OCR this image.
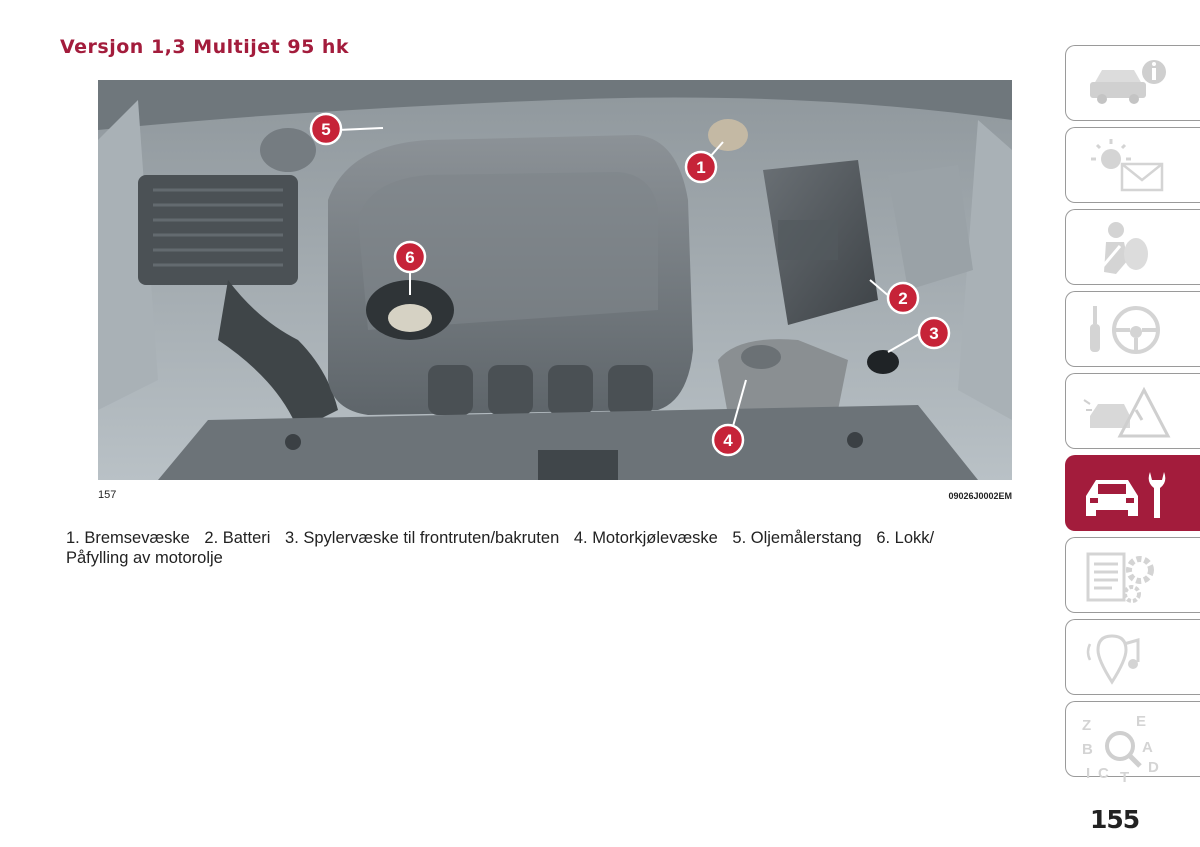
Versjon 1,3 Multijet 95 hk
5
1
6
2
3
4
157	09026J0002EM
1. Bremsevæske 2. Batteri 3. Spylervæske til frontruten/bakruten 4. Motorkjølevæske 5. Oljemålerstang 6. Lokk/
Påfylling av motorolje
Z	E
B	A
I C T
D
155
